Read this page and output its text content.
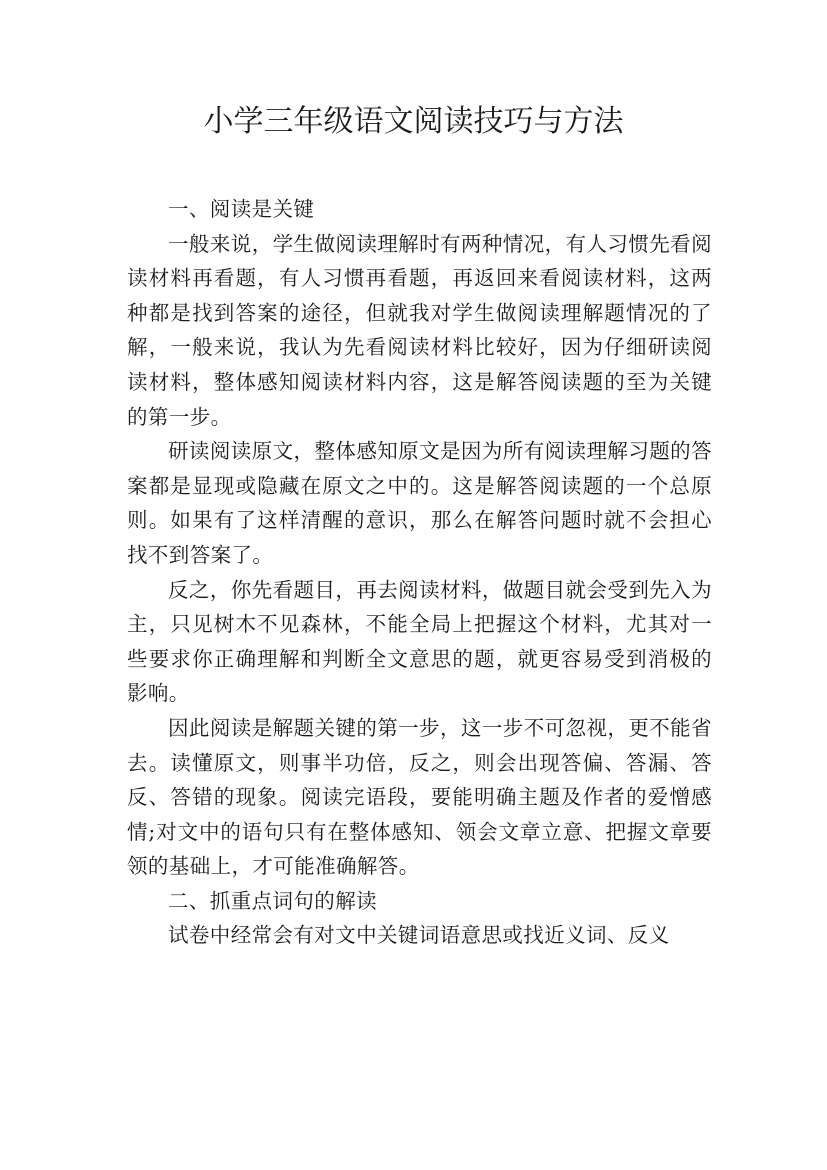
小学三年级语文阅读技巧与方法

一、阅读是关键

一般来说，学生做阅读理解时有两种情况，有人习惯先看阅读材料再看题，有人习惯再看题，再返回来看阅读材料，这两种都是找到答案的途径，但就我对学生做阅读理解题情况的了解，一般来说，我认为先看阅读材料比较好，因为仔细研读阅读材料，整体感知阅读材料内容，这是解答阅读题的至为关键的第一步。

研读阅读原文，整体感知原文是因为所有阅读理解习题的答案都是显现或隐藏在原文之中的。这是解答阅读题的一个总原则。如果有了这样清醒的意识，那么在解答问题时就不会担心找不到答案了。

反之，你先看题目，再去阅读材料，做题目就会受到先入为主，只见树木不见森林，不能全局上把握这个材料，尤其对一些要求你正确理解和判断全文意思的题，就更容易受到消极的影响。

因此阅读是解题关键的第一步，这一步不可忽视，更不能省去。读懂原文，则事半功倍，反之，则会出现答偏、答漏、答反、答错的现象。阅读完语段，要能明确主题及作者的爱憎感情;对文中的语句只有在整体感知、领会文章立意、把握文章要领的基础上，才可能准确解答。

二、抓重点词句的解读

试卷中经常会有对文中关键词语意思或找近义词、反义
